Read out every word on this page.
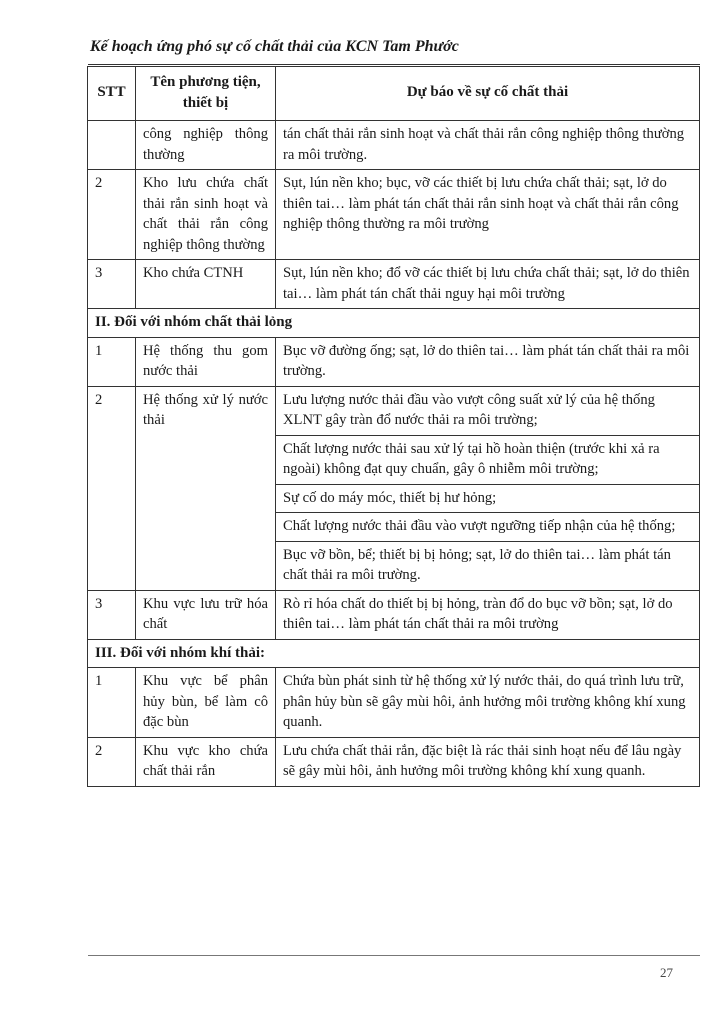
Kế hoạch ứng phó sự cố chất thải của KCN Tam Phước
STT	Tên phương tiện, thiết bị	Dự báo về sự cố chất thải
	công nghiệp thông thường	tán chất thải rắn sinh hoạt và chất thải rắn công nghiệp thông thường ra môi trường.
2	Kho lưu chứa chất thải rắn sinh hoạt và chất thải rắn công nghiệp thông thường	Sụt, lún nền kho; bục, vỡ các thiết bị lưu chứa chất thải; sạt, lở do thiên tai… làm phát tán chất thải rắn sinh hoạt và chất thải rắn công nghiệp thông thường ra môi trường
3	Kho chứa CTNH	Sụt, lún nền kho; đổ vỡ các thiết bị lưu chứa chất thải; sạt, lở do thiên tai… làm phát tán chất thải nguy hại môi trường
II. Đối với nhóm chất thải lỏng		
1	Hệ thống thu gom nước thải	Bục vỡ đường ống; sạt, lở do thiên tai… làm phát tán chất thải ra môi trường.
2	Hệ thống xử lý nước thải	Lưu lượng nước thải đầu vào vượt công suất xử lý của hệ thống XLNT gây tràn đổ nước thải ra môi trường;
Chất lượng nước thải sau xử lý tại hồ hoàn thiện (trước khi xả ra ngoài) không đạt quy chuẩn, gây ô nhiễm môi trường;
Sự cố do máy móc, thiết bị hư hỏng;
Chất lượng nước thải đầu vào vượt ngưỡng tiếp nhận của hệ thống;
Bục vỡ bồn, bể; thiết bị bị hỏng; sạt, lở do thiên tai… làm phát tán chất thải ra môi trường.

3	Khu vực lưu trữ hóa chất	Rò rỉ hóa chất do thiết bị bị hỏng, tràn đổ do bục vỡ bồn; sạt, lở do thiên tai… làm phát tán chất thải ra môi trường
III. Đối với nhóm khí thải:		
1	Khu vực bể phân hủy bùn, bể làm cô đặc bùn	Chứa bùn phát sinh từ hệ thống xử lý nước thải, do quá trình lưu trữ, phân hủy bùn sẽ gây mùi hôi, ảnh hưởng môi trường không khí xung quanh.
2	Khu vực kho chứa chất thải rắn	Lưu chứa chất thải rắn, đặc biệt là rác thải sinh hoạt nếu để lâu ngày sẽ gây mùi hôi, ảnh hưởng môi trường không khí xung quanh.
27
